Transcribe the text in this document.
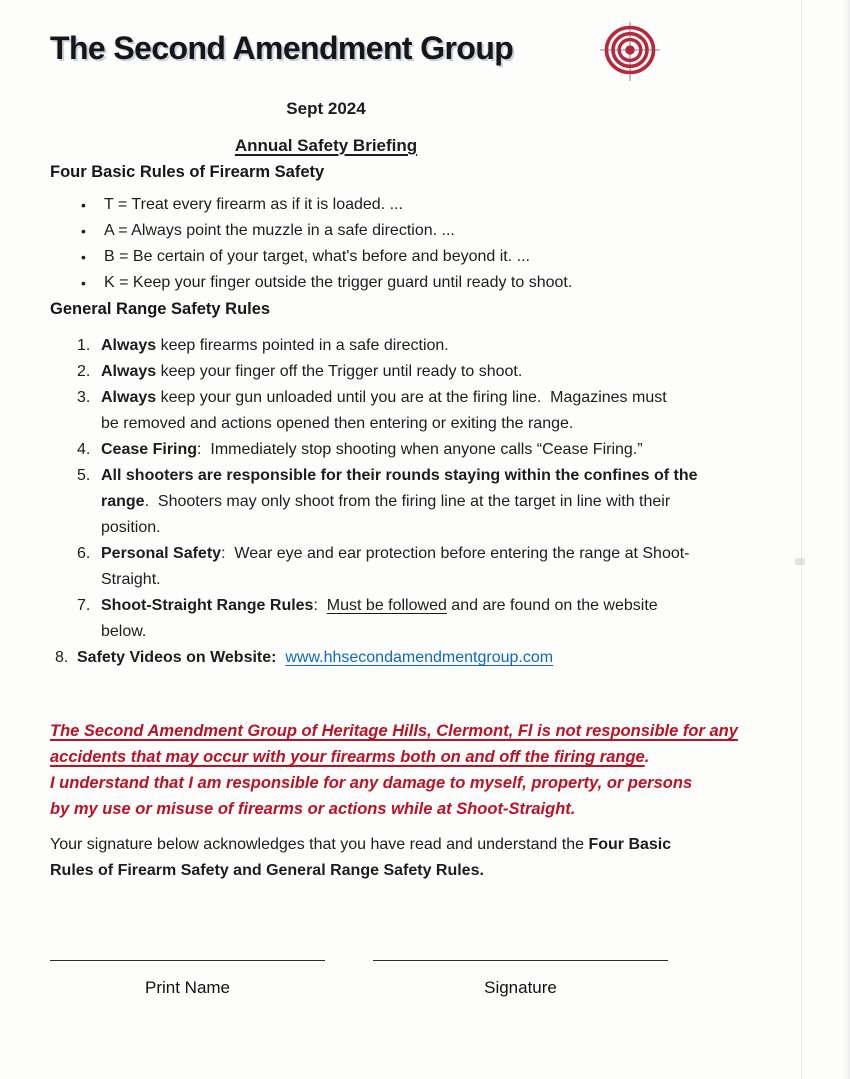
The Second Amendment Group
Sept 2024
Annual Safety Briefing
Four Basic Rules of Firearm Safety
•	T = Treat every firearm as if it is loaded. ...
•	A = Always point the muzzle in a safe direction. ...
•	B = Be certain of your target, what's before and beyond it. ...
•	K = Keep your finger outside the trigger guard until ready to shoot.
General Range Safety Rules
1. Always keep firearms pointed in a safe direction.
2. Always keep your finger off the Trigger until ready to shoot.
3. Always keep your gun unloaded until you are at the firing line.  Magazines must
be removed and actions opened then entering or exiting the range.
4. Cease Firing:  Immediately stop shooting when anyone calls “Cease Firing.”
5. All shooters are responsible for their rounds staying within the confines of the
range.  Shooters may only shoot from the firing line at the target in line with their
position.
6. Personal Safety:  Wear eye and ear protection before entering the range at Shoot-
Straight.
7. Shoot-Straight Range Rules:  Must be followed and are found on the website
below.
8. Safety Videos on Website: www.hhsecondamendmentgroup.com
The Second Amendment Group of Heritage Hills, Clermont, Fl is not responsible for any
accidents that may occur with your firearms both on and off the firing range.
I understand that I am responsible for any damage to myself, property, or persons
by my use or misuse of firearms or actions while at Shoot-Straight.

Your signature below acknowledges that you have read and understand the Four Basic
Rules of Firearm Safety and General Range Safety Rules.

Print Name	Signature
